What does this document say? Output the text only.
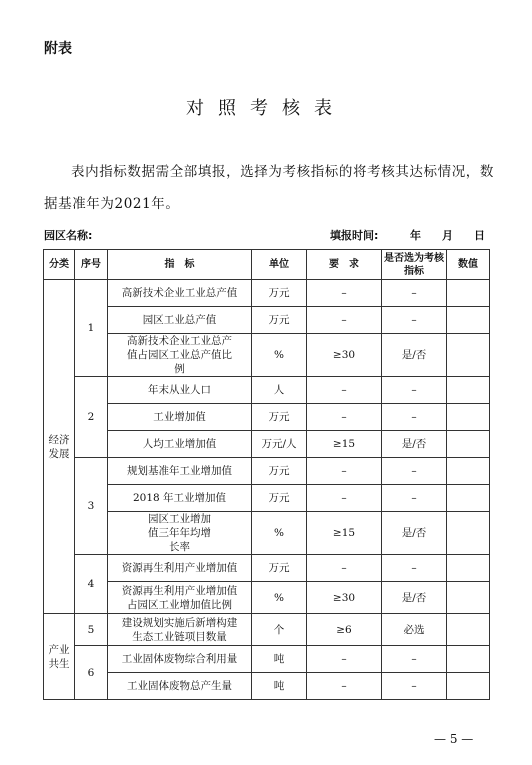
附表
对照考核表
表内指标数据需全部填报，选择为考核指标的将考核其达标情况，数据基准年为2021年。
园区名称:	填报时间:	年 月 日
分类	序号	指　标	单位	要　求	是否选为考核指标	数值
经济发展	1	高新技术企业工业总产值	万元	–	–	
		园区工业总产值	万元	–	–	
		高新技术企业工业总产值占园区工业总产值比例	%	≥30	是/否	
	2	年末从业人口	人	–	–	
		工业增加值	万元	–	–	
		人均工业增加值	万元/人	≥15	是/否	
	3	规划基准年工业增加值	万元	–	–	
		2018 年工业增加值	万元	–	–	
		园区工业增加值三年年均增长率	%	≥15	是/否	
	4	资源再生利用产业增加值	万元	–	–	
		资源再生利用产业增加值占园区工业增加值比例	%	≥30	是/否	
产业共生	5	建设规划实施后新增构建生态工业链项目数量	个	≥6	必选	
	6	工业固体废物综合利用量	吨	–	–	
		工业固体废物总产生量	吨	–	–	
— 5 —
